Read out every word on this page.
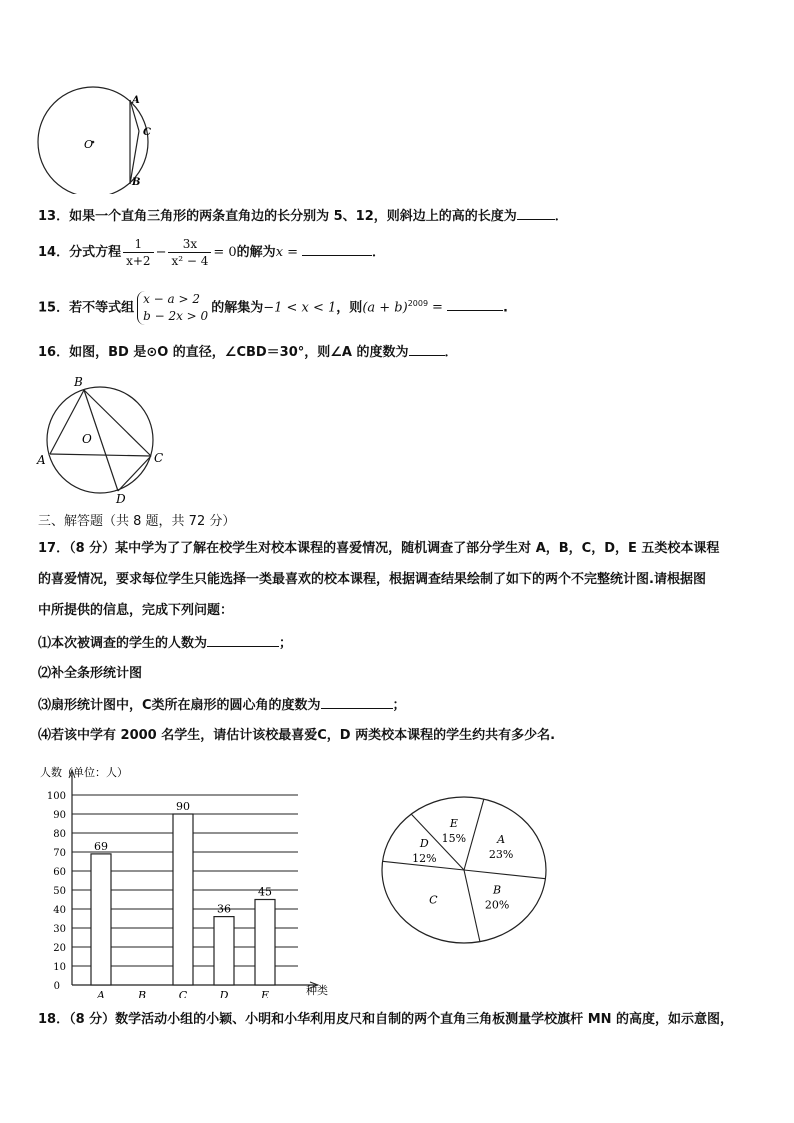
A
C
B
O
13．如果一个直角三角形的两条直角边的长分别为 5、12，则斜边上的高的长度为	．
14．分式方程 $\frac{1}{x+2} - \frac{3x}{\text{x² − 4}} = 0$的解为x =	．
15．若不等式组
x − a > 2
b − 2x > 0
的解集为−1 < x < 1，则$(a + b)^{2009}$ =	.
16．如图，BD 是⊙O 的直径，∠CBD＝30°，则∠A 的度数为	．
B
O
A	C
D
三、解答题（共 8 题，共 72 分）
17．（8 分）某中学为了了解在校学生对校本课程的喜爱情况，随机调查了部分学生对 A，B，C，D，E 五类校本课程
的喜爱情况，要求每位学生只能选择一类最喜欢的校本课程，根据调查结果绘制了如下的两个不完整统计图.请根据图
中所提供的信息，完成下列问题：
⑴本次被调查的学生的人数为	；
⑵补全条形统计图
⑶扇形统计图中，C类所在扇形的圆心角的度数为	；
⑷若该中学有 2000 名学生，请估计该校最喜爱C，D 两类校本课程的学生约共有多少名.
人数（单位：人）
种类
0
10
20
30
40
50
60
70
80
90
100
69
A	B
90
C
36
D
45
E
A
23%
B
20%
C
D
12%
E
15%
18．（8 分）数学活动小组的小颖、小明和小华利用皮尺和自制的两个直角三角板测量学校旗杆 MN 的高度，如示意图，
